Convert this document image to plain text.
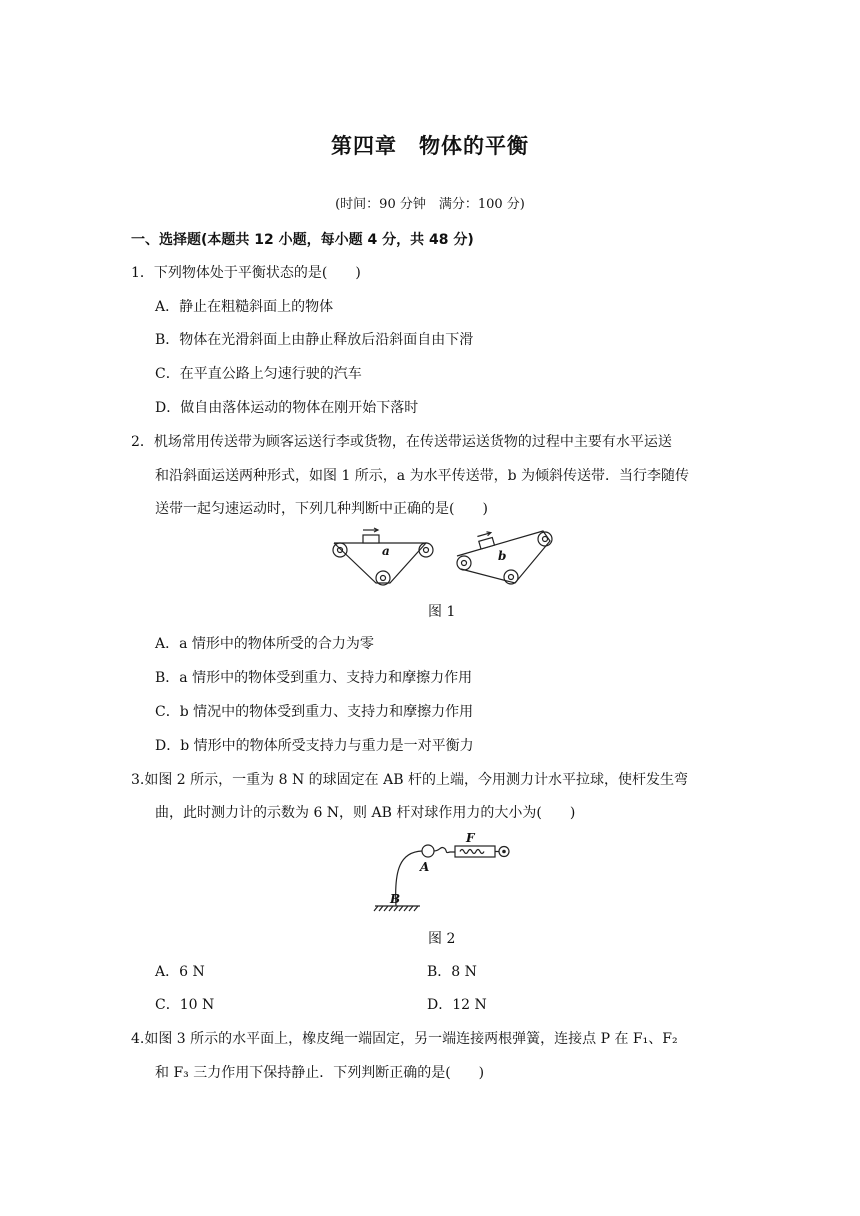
第四章　物体的平衡
(时间：90 分钟　满分：100 分)
一、选择题(本题共 12 小题，每小题 4 分，共 48 分)
1．下列物体处于平衡状态的是(　　)
A．静止在粗糙斜面上的物体
B．物体在光滑斜面上由静止释放后沿斜面自由下滑
C．在平直公路上匀速行驶的汽车
D．做自由落体运动的物体在刚开始下落时
2．机场常用传送带为顾客运送行李或货物，在传送带运送货物的过程中主要有水平运送
和沿斜面运送两种形式，如图 1 所示，a 为水平传送带，b 为倾斜传送带．当行李随传
送带一起匀速运动时，下列几种判断中正确的是(　　)
a	b
图 1
A．a 情形中的物体所受的合力为零
B．a 情形中的物体受到重力、支持力和摩擦力作用
C．b 情况中的物体受到重力、支持力和摩擦力作用
D．b 情形中的物体所受支持力与重力是一对平衡力
3.如图 2 所示，一重为 8 N 的球固定在 AB 杆的上端，今用测力计水平拉球，使杆发生弯
曲，此时测力计的示数为 6 N，则 AB 杆对球作用力的大小为(　　)
F
A
B
图 2
A．6 N	B．8 N
C．10 N	D．12 N
4.如图 3 所示的水平面上，橡皮绳一端固定，另一端连接两根弹簧，连接点 P 在 F₁、F₂
和 F₃ 三力作用下保持静止．下列判断正确的是(　　)
